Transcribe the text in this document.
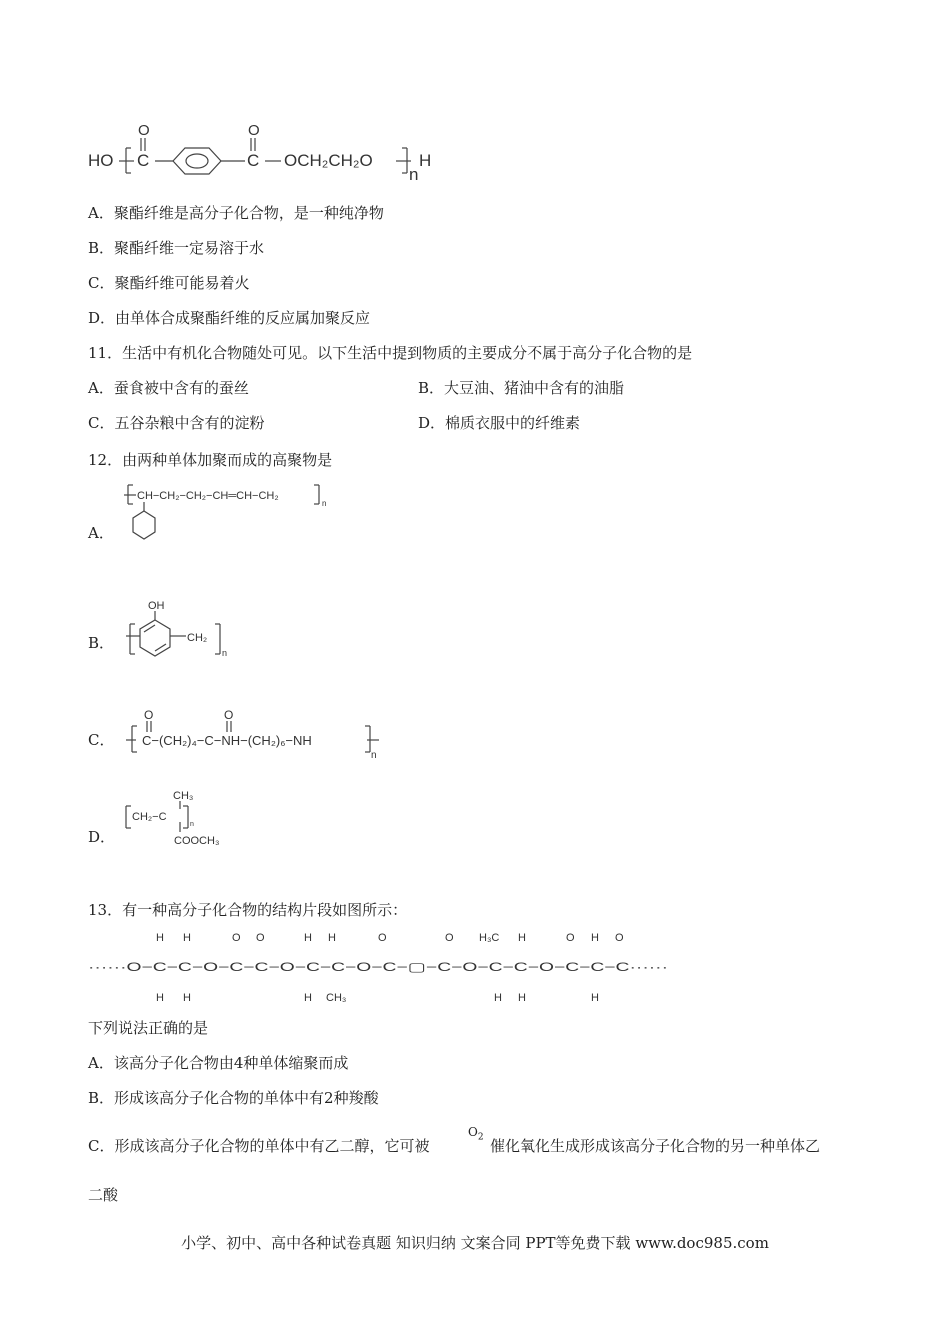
HO C
O
C
O
OCH₂CH₂O
n
H
A．聚酯纤维是高分子化合物，是一种纯净物
B．聚酯纤维一定易溶于水
C．聚酯纤维可能易着火
D．由单体合成聚酯纤维的反应属加聚反应
11．生活中有机化合物随处可见。以下生活中提到物质的主要成分不属于高分子化合物的是
A．蚕食被中含有的蚕丝	B．大豆油、猪油中含有的油脂
C．五谷杂粮中含有的淀粉	D．棉质衣服中的纤维素
12．由两种单体加聚而成的高聚物是
A．
CH−CH₂−CH₂−CH═CH−CH₂
n
B．
OH
CH₂
n
C．
O	O
C−(CH₂)₄−C−NH−(CH₂)₆−NH
n
D．
CH₃
CH₂−C
n
COOCH₃
13．有一种高分子化合物的结构片段如图所示：
······O−C−C−O−C−C−O−C−C−O−C−▢−C−O−C−C−O−C−C−C······
H H	O O	H H	O	O H₃C H	O H O
H H	H CH₃	H H	H
下列说法正确的是
A．该高分子化合物由4种单体缩聚而成
B．形成该高分子化合物的单体中有2种羧酸
C．形成该高分子化合物的单体中有乙二醇，它可被
$O_2$ 催化氧化生成形成该高分子化合物的另一种单体乙
二酸
小学、初中、高中各种试卷真题 知识归纳 文案合同 PPT等免费下载 www.doc985.com
